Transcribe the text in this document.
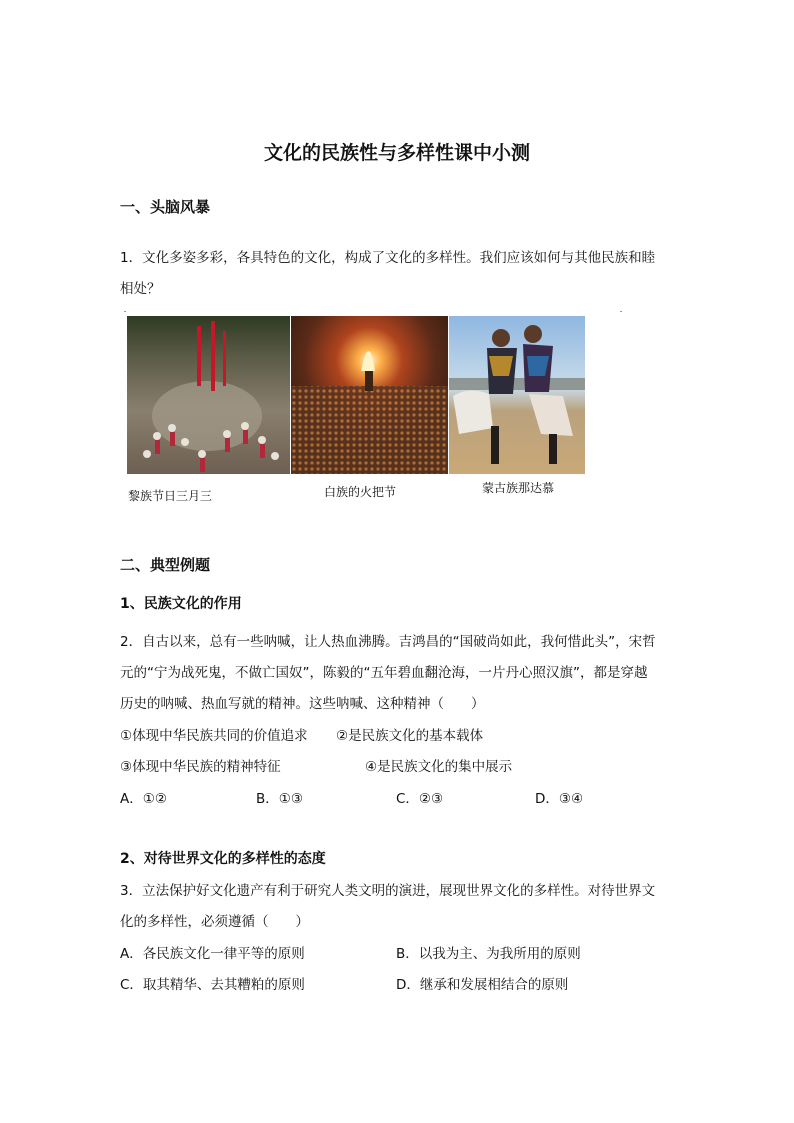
文化的民族性与多样性课中小测
一、头脑风暴
1．文化多姿多彩，各具特色的文化，构成了文化的多样性。我们应该如何与其他民族和睦
相处？
黎族节日三月三	白族的火把节	蒙古族那达慕
二、典型例题
1、民族文化的作用
2．自古以来，总有一些呐喊，让人热血沸腾。吉鸿昌的“国破尚如此，我何惜此头”，宋哲
元的“宁为战死鬼，不做亡国奴”，陈毅的“五年碧血翻沧海，一片丹心照汉旗”，都是穿越
历史的呐喊、热血写就的精神。这些呐喊、这种精神（　　）
①体现中华民族共同的价值追求 ②是民族文化的基本载体
③体现中华民族的精神特征	④是民族文化的集中展示
A．①②	B．①③	C．②③	D．③④
2、对待世界文化的多样性的态度
3．立法保护好文化遗产有利于研究人类文明的演进，展现世界文化的多样性。对待世界文
化的多样性，必须遵循（　　）
A．各民族文化一律平等的原则	B．以我为主、为我所用的原则
C．取其精华、去其糟粕的原则	D．继承和发展相结合的原则
